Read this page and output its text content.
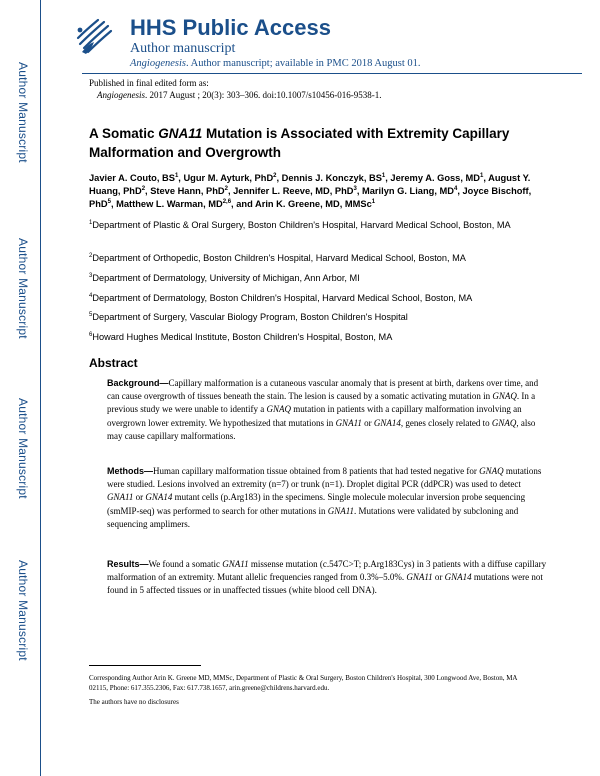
Author Manuscript
Author Manuscript
Author Manuscript
Author Manuscript
HHS Public Access
Author manuscript
Angiogenesis. Author manuscript; available in PMC 2018 August 01.
Published in final edited form as:
Angiogenesis. 2017 August ; 20(3): 303–306. doi:10.1007/s10456-016-9538-1.
A Somatic GNA11 Mutation is Associated with Extremity Capillary Malformation and Overgrowth
Javier A. Couto, $BS^1$, Ugur M. Ayturk, PhD$^2$, Dennis J. Konczyk, $BS^1$, Jeremy A. Goss, $MD^1$, August Y. Huang, PhD$^2$, Steve Hann, PhD$^2$, Jennifer L. Reeve, MD, PhD$^3$, Marilyn G. Liang, $MD^4$, Joyce Bischoff, PhD$^5$, Matthew L. Warman, MD$^{2,6}$, and Arin K. Greene, MD, MMSc$^1$
$^1$Department of Plastic & Oral Surgery, Boston Children's Hospital, Harvard Medical School, Boston, MA
$^2$Department of Orthopedic, Boston Children's Hospital, Harvard Medical School, Boston, MA
$^3$Department of Dermatology, University of Michigan, Ann Arbor, MI
$^4$Department of Dermatology, Boston Children's Hospital, Harvard Medical School, Boston, MA
$^5$Department of Surgery, Vascular Biology Program, Boston Children's Hospital
$^6$Howard Hughes Medical Institute, Boston Children's Hospital, Boston, MA
Abstract
Background—Capillary malformation is a cutaneous vascular anomaly that is present at birth, darkens over time, and can cause overgrowth of tissues beneath the stain. The lesion is caused by a somatic activating mutation in GNAQ. In a previous study we were unable to identify a GNAQ mutation in patients with a capillary malformation involving an overgrown lower extremity. We hypothesized that mutations in GNA11 or GNA14, genes closely related to GNAQ, also may cause capillary malformations.
Methods—Human capillary malformation tissue obtained from 8 patients that had tested negative for GNAQ mutations were studied. Lesions involved an extremity (n=7) or trunk (n=1). Droplet digital PCR (ddPCR) was used to detect GNA11 or GNA14 mutant cells (p.Arg183) in the specimens. Single molecule molecular inversion probe sequencing (smMIP-seq) was performed to search for other mutations in GNA11. Mutations were validated by subcloning and sequencing amplimers.
Results—We found a somatic GNA11 missense mutation (c.547C>T; p.Arg183Cys) in 3 patients with a diffuse capillary malformation of an extremity. Mutant allelic frequencies ranged from 0.3%–5.0%. GNA11 or GNA14 mutations were not found in 5 affected tissues or in unaffected tissues (white blood cell DNA).
Corresponding Author Arin K. Greene MD, MMSc, Department of Plastic & Oral Surgery, Boston Children's Hospital, 300 Longwood Ave, Boston, MA 02115, Phone: 617.355.2306, Fax: 617.738.1657, arin.greene@childrens.harvard.edu.
The authors have no disclosures
